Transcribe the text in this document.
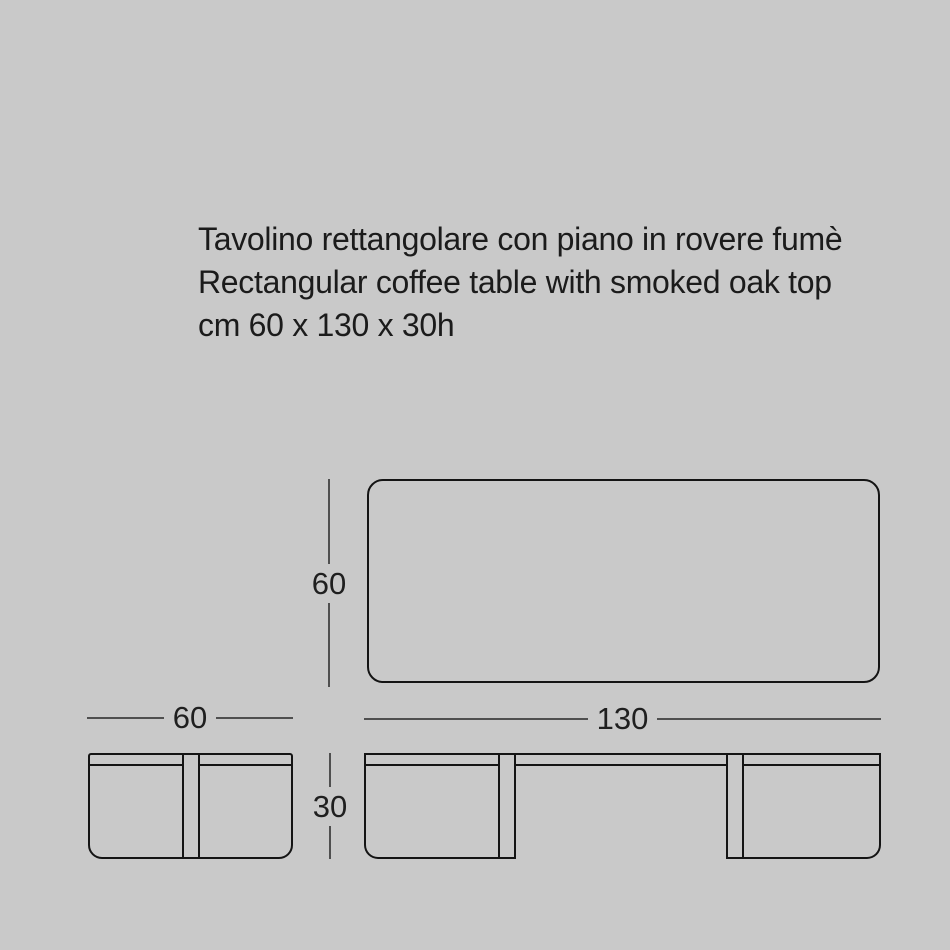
Tavolino rettangolare con piano in rovere fumè
Rectangular coffee table with smoked oak top
cm 60 x 130 x 30h
60
130
60
30
